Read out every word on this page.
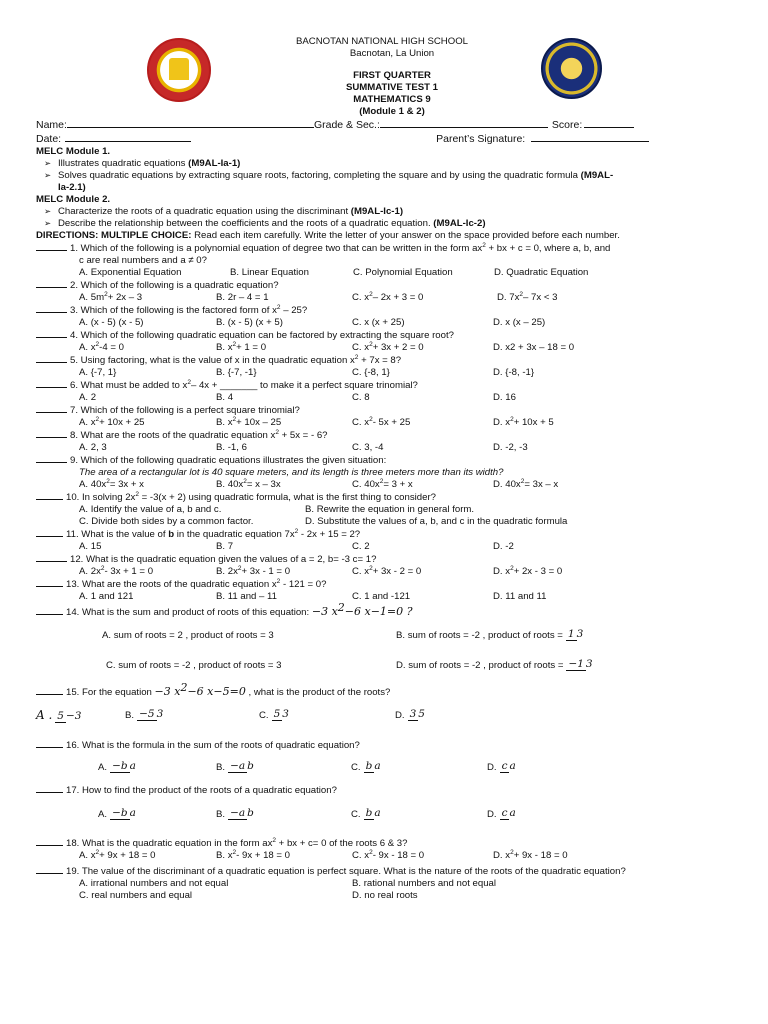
BACNOTAN NATIONAL HIGH SCHOOL
Bacnotan, La Union
FIRST QUARTER
SUMMATIVE TEST 1
MATHEMATICS 9
(Module 1 & 2)
Name:	Grade & Sec.:	Score:
Date:	Parent’s Signature:
MELC Module 1.
➢ Illustrates quadratic equations (M9AL-Ia-1)
➢ Solves quadratic equations by extracting square roots, factoring, completing the square and by using the quadratic formula (M9AL-
Ia-2.1)
MELC Module 2.
➢ Characterize the roots of a quadratic equation using the discriminant (M9AL-Ic-1)
➢ Describe the relationship between the coefficients and the roots of a quadratic equation. (M9AL-Ic-2)
DIRECTIONS: MULTIPLE CHOICE: Read each item carefully. Write the letter of your answer on the space provided before each number.
1. Which of the following is a polynomial equation of degree two that can be written in the form $ax^2$ + bx + c = 0, where a, b, and
c are real numbers and a ≠ 0?
A. Exponential Equation	B. Linear Equation	C. Polynomial Equation	D. Quadratic Equation
2. Which of the following is a quadratic equation?
A. $5m^2+ 2x - 3$	B. 2r – 4 = 1	C. $x^2-$ 2x + 3 = 0	D. $7x^2-$ 7x < 3
3. Which of the following is the factored form of $x^2 - 25$?
A. (x - 5) (x - 5)	B. (x - 5) (x + 5)	C. x (x + 25)	D. x (x – 25)
4. Which of the following quadratic equation can be factored by extracting the square root?
A. $x^2-4 = 0$	B. $x^2+ 1 = 0$	C. $x^2+ 3x + 2 = 0$	D. x2 + 3x – 18 = 0
5. Using factoring, what is the value of x in the quadratic equation $x^2 + 7x = 8$?
A. {-7, 1}	B. {-7, -1}	C. {-8, 1}	D. {-8, -1}
6. What must be added to $x^2-$ 4x + _______ to make it a perfect square trinomial?
A. 2	B. 4	C. 8	D. 16
7. Which of the following is a perfect square trinomial?
A. $x^2+ 10x + 25$	B. $x^2+ 10x - 25$	C. $x^2-$ 5x + 25	D. $x^2+ 10x + 5$
8. What are the roots of the quadratic equation $x^2 + 5x$ = - 6?
A. 2, 3	B. -1, 6	C. 3, -4	D. -2, -3
9. Which of the following quadratic equations illustrates the given situation:
The area of a rectangular lot is 40 square meters, and its length is three meters more than its width?
A. $40x^2= 3x + x$	B. $40x^2= x - 3x$	C. $40x^2= 3 + x$	D. $40x^2= 3x - x$
10. In solving $2x^2 = -3(x + 2)$ using quadratic formula, what is the first thing to consider?
A. Identify the value of a, b and c.	B. Rewrite the equation in general form.
C. Divide both sides by a common factor.	D. Substitute the values of a, b, and c in the quadratic formula
11. What is the value of b in the quadratic equation $7x^2 - 2x + 15 = 2$?
A. 15	B. 7	C. 2	D. -2
12. What is the quadratic equation given the values of a = 2, b= -3 c= 1?
A. $2x^2-$ 3x + 1 = 0	B. $2x^2+ 3x - 1 = 0$	C. $x^2+ 3x - 2 = 0$	D. $x^2+ 2x - 3 = 0$
13. What are the roots of the quadratic equation $x^2 - 121 = 0$?
A. 1 and 121	B. 11 and – 11	C. 1 and -121	D. 11 and 11
14. What is the sum and product of roots of this equation: −3 $x^2-6$ x−1=0 ?
A. sum of roots = 2 , product of roots = 3	B. sum of roots = -2 , product of roots = 1 3
C. sum of roots = -2 , product of roots = 3	D. sum of roots = -2 , product of roots = −1 3
15. For the equation −3 $x^2-6$ x−5=0 , what is the product of the roots?
A . 5 −3	B. −5 3	C. 5 3	D. 3 5
16. What is the formula in the sum of the roots of quadratic equation?
A. −b a	B. −a b	C. b a	D. c a
17. How to find the product of the roots of a quadratic equation?
A. −b a	B. −a b	C. b a	D. c a
18. What is the quadratic equation in the form $ax^2$ + bx + c= 0 of the roots 6 & 3?
A. $x^2+ 9x + 18 = 0$	B. $x^2-$ 9x + 18 = 0	C. $x^2-$ 9x - 18 = 0	D. $x^2+ 9x - 18 = 0$
19. The value of the discriminant of a quadratic equation is perfect square. What is the nature of the roots of the quadratic equation?
A. irrational numbers and not equal	B. rational numbers and not equal
C. real numbers and equal	D. no real roots
